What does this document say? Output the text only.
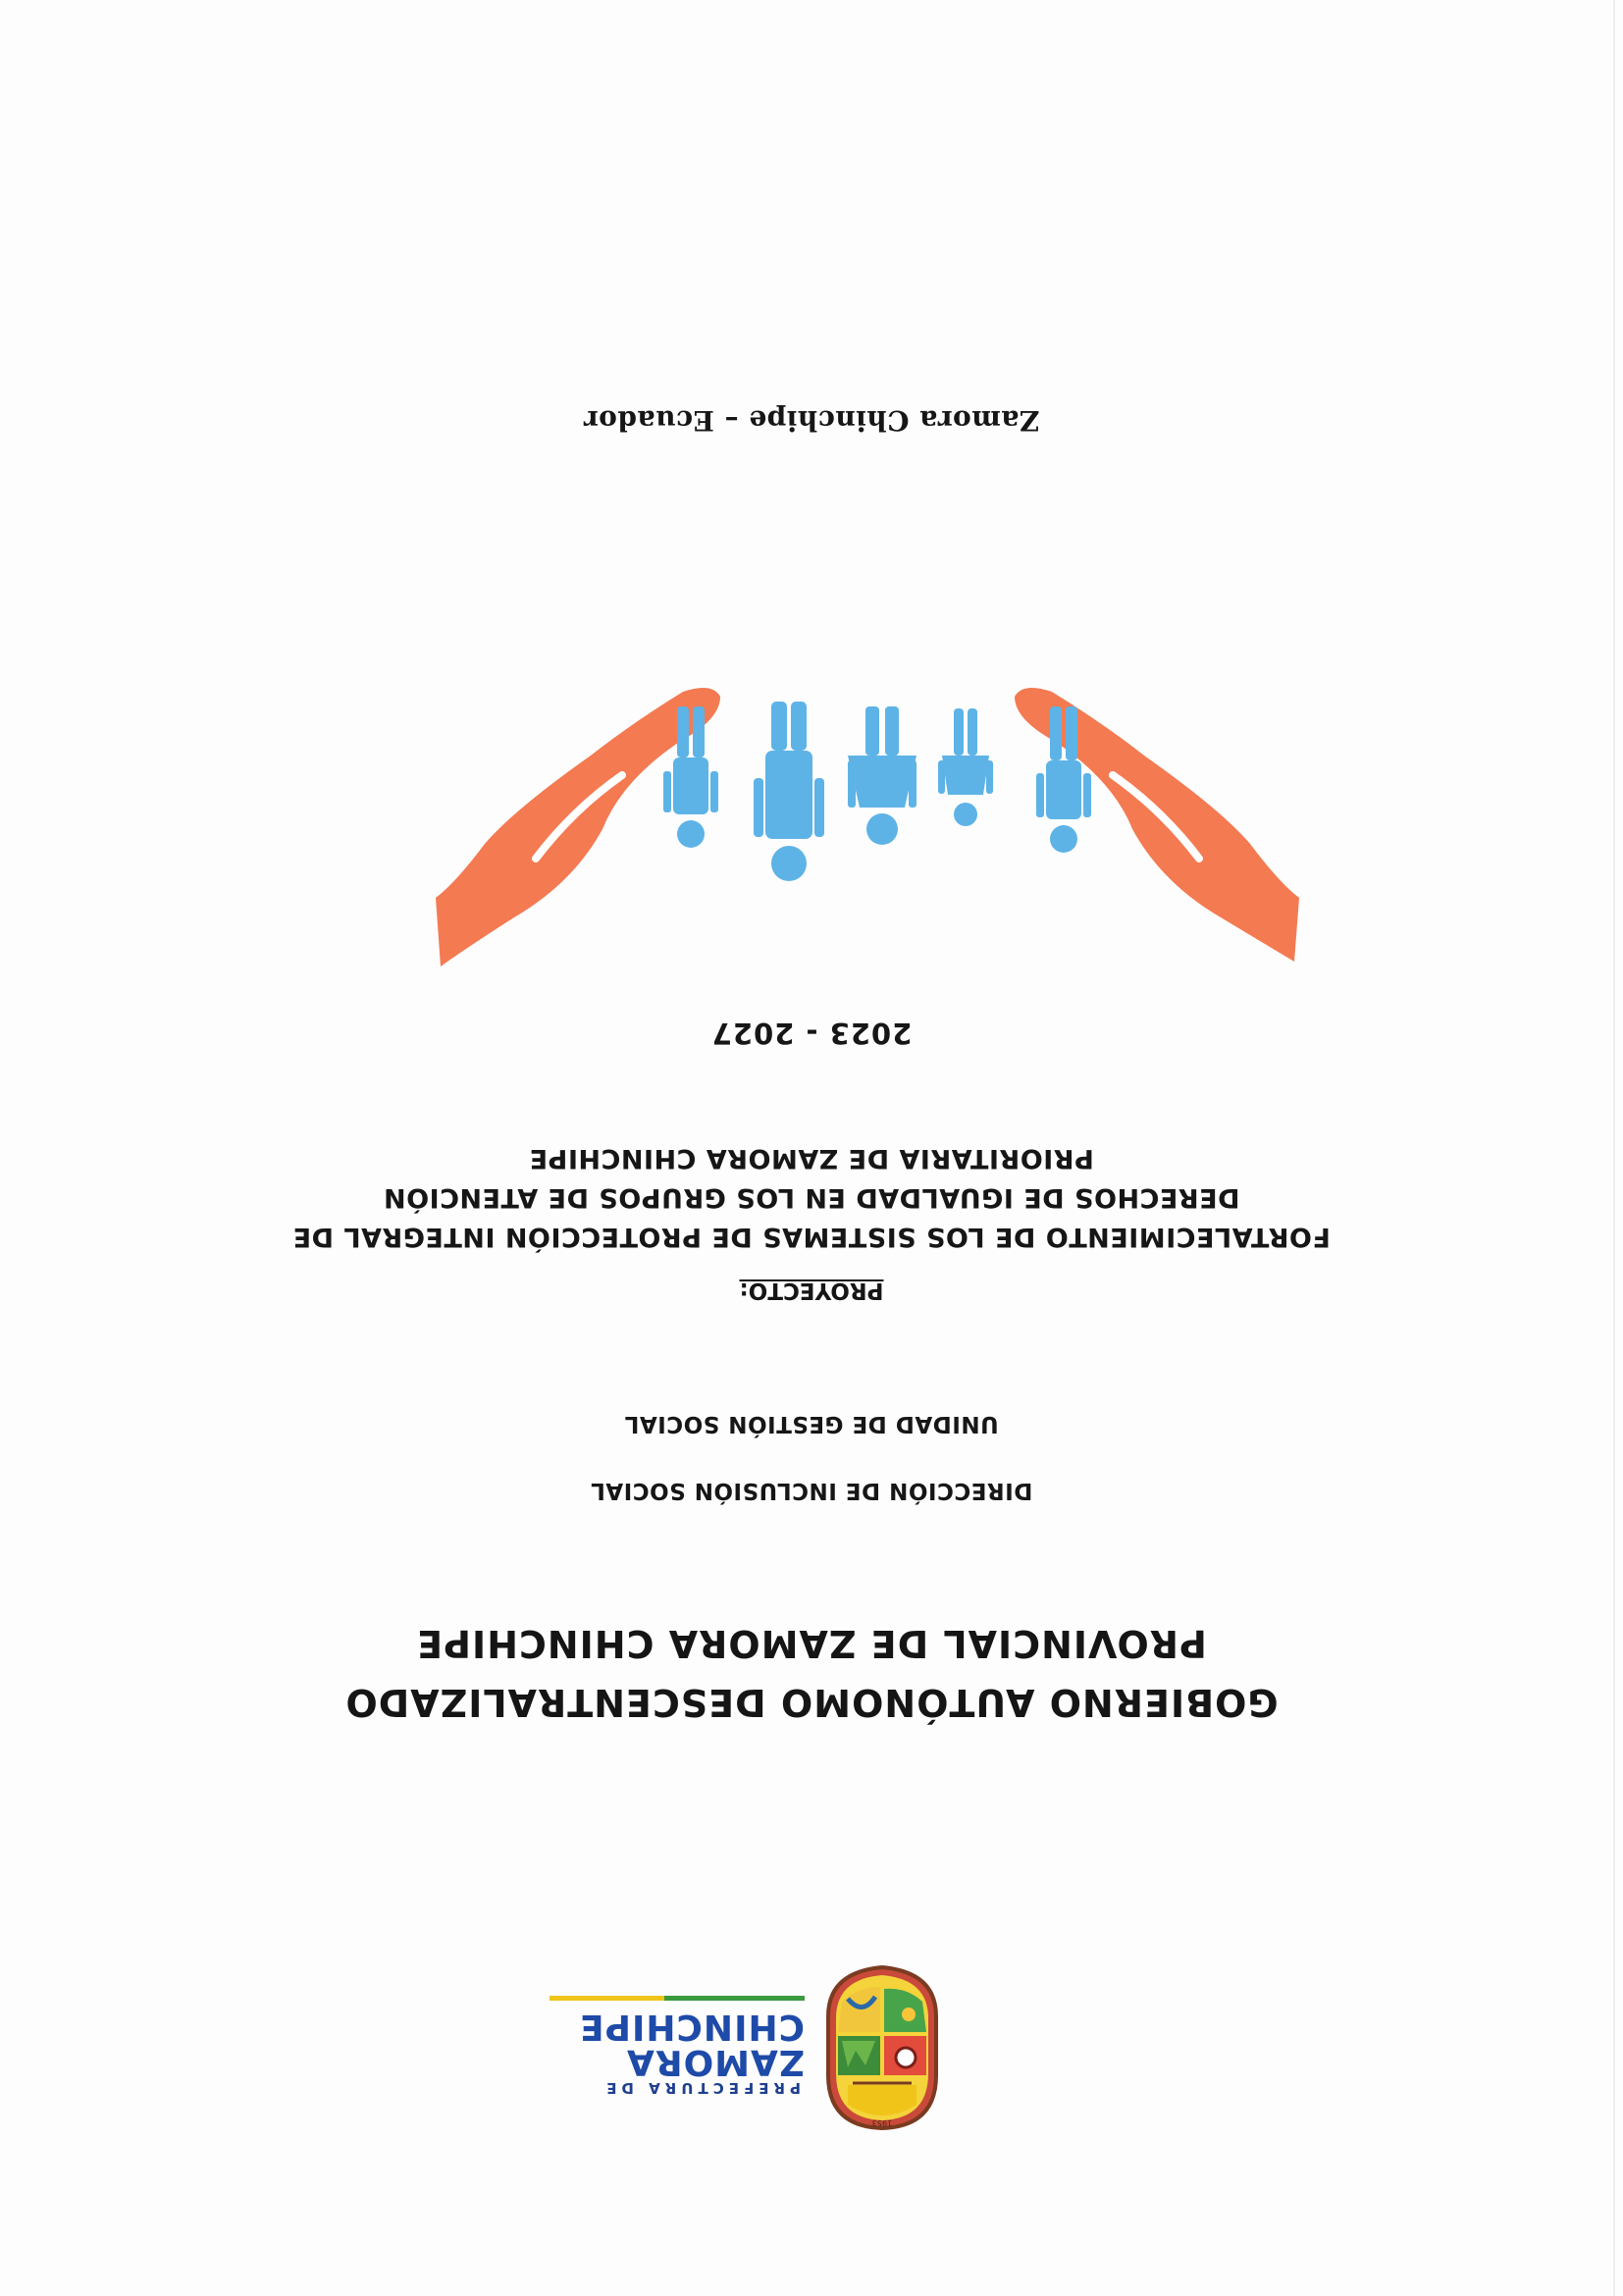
1953
PREFECTURA DE
ZAMORA
CHINCHIPE
GOBIERNO AUTÓNOMO DESCENTRALIZADO
PROVINCIAL DE ZAMORA CHINCHIPE
DIRECCIÓN DE INCLUSIÓN SOCIAL
UNIDAD DE GESTIÓN SOCIAL
PROYECTO:
FORTALECIMIENTO DE LOS SISTEMAS DE PROTECCIÓN INTEGRAL DE
DERECHOS DE IGUALDAD EN LOS GRUPOS DE ATENCIÓN
PRIORITARIA DE ZAMORA CHINCHIPE
2023 - 2027
Zamora Chinchipe – Ecuador
